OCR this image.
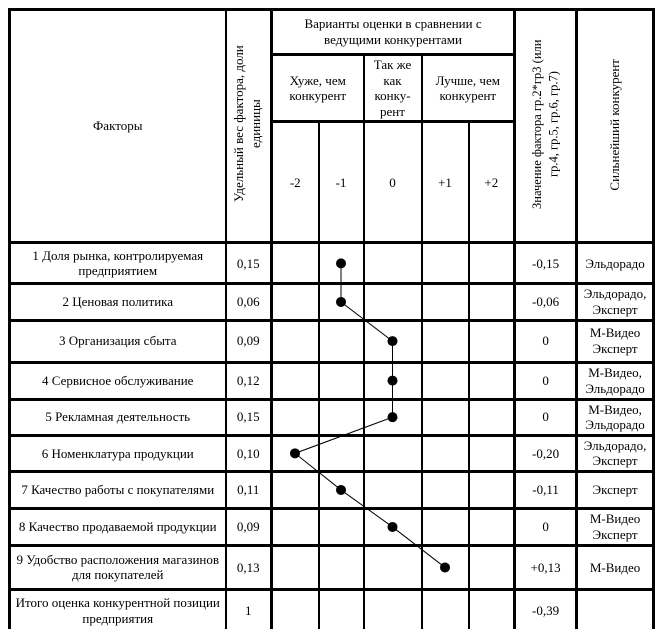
Факторы	Удельный вес фактора, доли единицы	Варианты оценки в сравнении с ведущими конкурентами					Значение фактора гр.2*гр3 (или гр.4, гр.5, гр.6, гр.7)	Сильнейший конкурент
		Хуже, чем конкурент		Так же как конку-рент	Лучше, чем конкурент			
		-2	-1	0	+1	+2		
1 Доля рынка, контролируемая предприятием	0,15						-0,15	Эльдорадо
2 Ценовая политика	0,06						-0,06	Эльдорадо, Эксперт
3 Организация сбыта	0,09						0	М-Видео Эксперт
4 Сервисное обслуживание	0,12						0	М-Видео, Эльдорадо
5 Рекламная деятельность	0,15						0	М-Видео, Эльдорадо
6 Номенклатура продукции	0,10						-0,20	Эльдорадо, Эксперт
7 Качество работы с покупателями	0,11						-0,11	Эксперт
8 Качество продаваемой продукции	0,09						0	М-Видео Эксперт
9 Удобство расположения магазинов для покупателей	0,13						+0,13	М-Видео
Итого оценка конкурентной позиции предприятия	1						-0,39	
